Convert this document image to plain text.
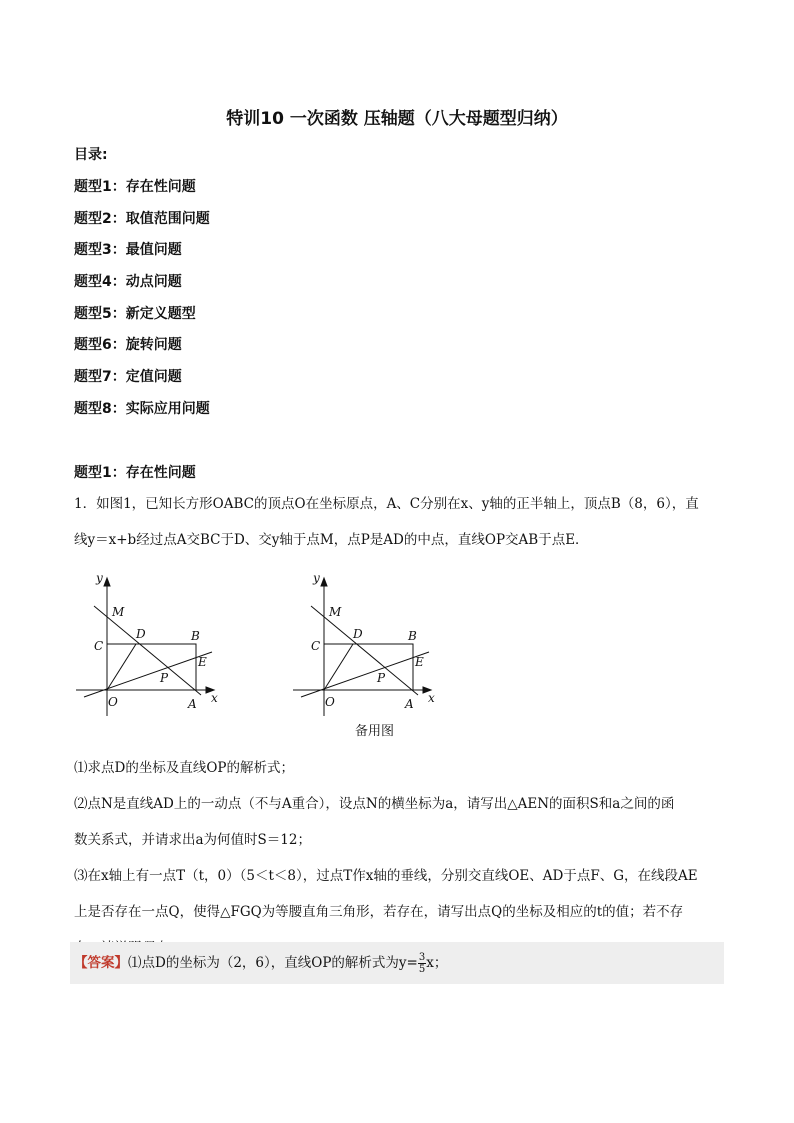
特训10 一次函数 压轴题（八大母题型归纳）
目录:
题型1：存在性问题
题型2：取值范围问题
题型3：最值问题
题型4：动点问题
题型5：新定义题型
题型6：旋转问题
题型7：定值问题
题型8：实际应用问题
题型1：存在性问题
1．如图1，已知长方形OABC的顶点O在坐标原点，A、C分别在x、y轴的正半轴上，顶点B（8，6），直
线y＝x+b经过点A交BC于D、交y轴于点M，点P是AD的中点，直线OP交AB于点E．
y
x
M
C
D	B
E
P
O	A
y
x
M
C
D	B
E
P
O	A
备用图
⑴求点D的坐标及直线OP的解析式；
⑵点N是直线AD上的一动点（不与A重合），设点N的横坐标为a，请写出△AEN的面积S和a之间的函
数关系式，并请求出a为何值时S＝12；
⑶在x轴上有一点T（t，0）（5＜t＜8），过点T作x轴的垂线，分别交直线OE、AD于点F、G，在线段AE
上是否存在一点Q，使得△FGQ为等腰直角三角形，若存在，请写出点Q的坐标及相应的t的值；若不存
【答案】⑴点D的坐标为（2，6），直线OP的解析式为$y= \frac{3}{5}$ x；
